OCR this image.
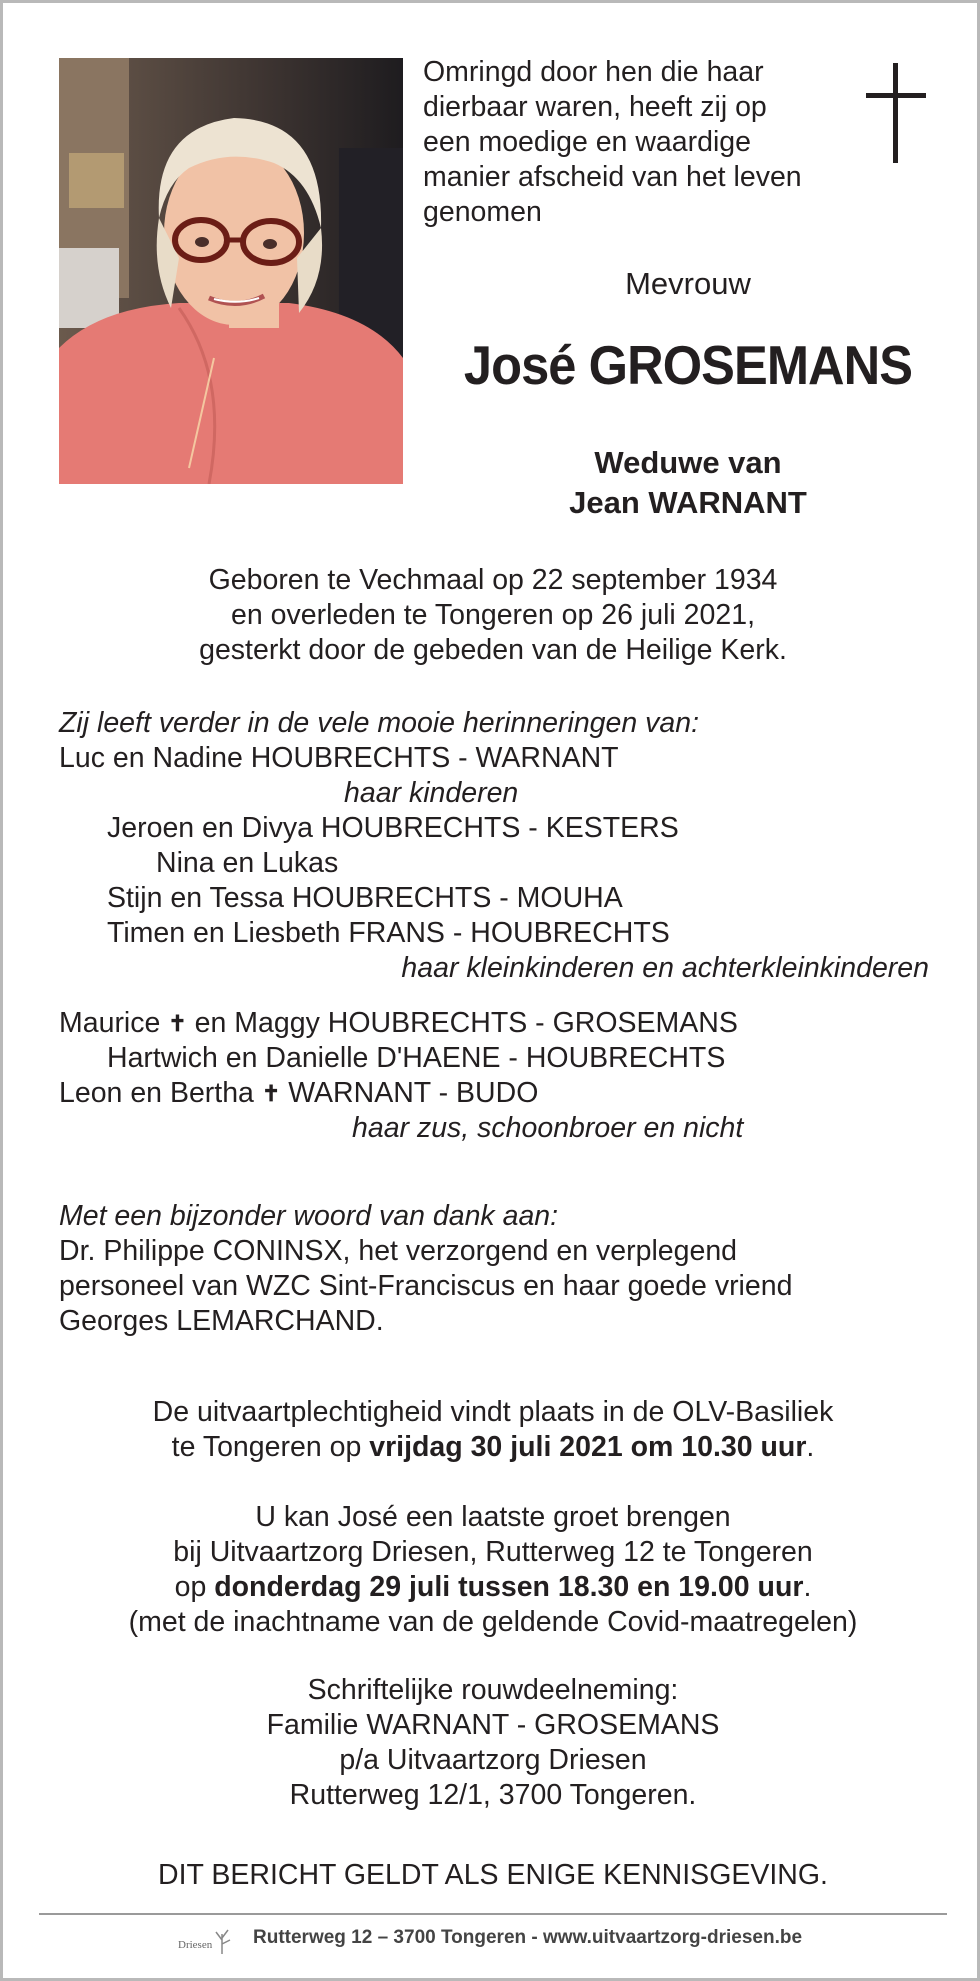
Omringd door hen die haar
dierbaar waren, heeft zij op
een moedige en waardige
manier afscheid van het leven
genomen
Mevrouw
José GROSEMANS
Weduwe van
Jean WARNANT
Geboren te Vechmaal op 22 september 1934
en overleden te Tongeren op 26 juli 2021,
gesterkt door de gebeden van de Heilige Kerk.
Zij leeft verder in de vele mooie herinneringen van:
Luc en Nadine HOUBRECHTS - WARNANT
haar kinderen
Jeroen en Divya HOUBRECHTS - KESTERS
Nina en Lukas
Stijn en Tessa HOUBRECHTS - MOUHA
Timen en Liesbeth FRANS - HOUBRECHTS
haar kleinkinderen en achterkleinkinderen
Maurice ✝ en Maggy HOUBRECHTS - GROSEMANS
Hartwich en Danielle D'HAENE - HOUBRECHTS
Leon en Bertha ✝ WARNANT - BUDO
haar zus, schoonbroer en nicht
Met een bijzonder woord van dank aan:
Dr. Philippe CONINSX, het verzorgend en verplegend
personeel van WZC Sint-Franciscus en haar goede vriend
Georges LEMARCHAND.
De uitvaartplechtigheid vindt plaats in de OLV-Basiliek
te Tongeren op vrijdag 30 juli 2021 om 10.30 uur.
U kan José een laatste groet brengen
bij Uitvaartzorg Driesen, Rutterweg 12 te Tongeren
op donderdag 29 juli tussen 18.30 en 19.00 uur.
(met de inachtname van de geldende Covid-maatregelen)
Schriftelijke rouwdeelneming:
Familie WARNANT - GROSEMANS
p/a Uitvaartzorg Driesen
Rutterweg 12/1, 3700 Tongeren.
DIT BERICHT GELDT ALS ENIGE KENNISGEVING.
Driesen Rutterweg 12 – 3700 Tongeren - www.uitvaartzorg-driesen.be
